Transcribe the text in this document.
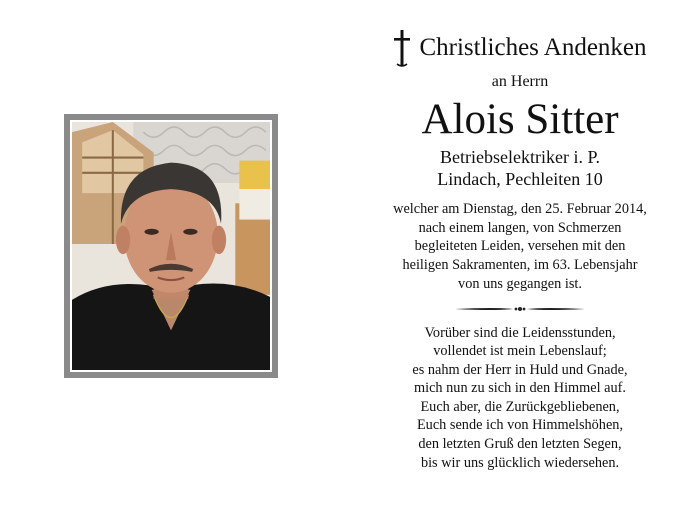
Christliches Andenken
an Herrn
Alois Sitter
Betriebselektriker i. P.
Lindach, Pechleiten 10
welcher am Dienstag, den 25. Februar 2014,
nach einem langen, von Schmerzen
begleiteten Leiden, versehen mit den
heiligen Sakramenten, im 63. Lebensjahr
von uns gegangen ist.
Vorüber sind die Leidensstunden,
vollendet ist mein Lebenslauf;
es nahm der Herr in Huld und Gnade,
mich nun zu sich in den Himmel auf.
Euch aber, die Zurückgebliebenen,
Euch sende ich von Himmelshöhen,
den letzten Gruß den letzten Segen,
bis wir uns glücklich wiedersehen.
